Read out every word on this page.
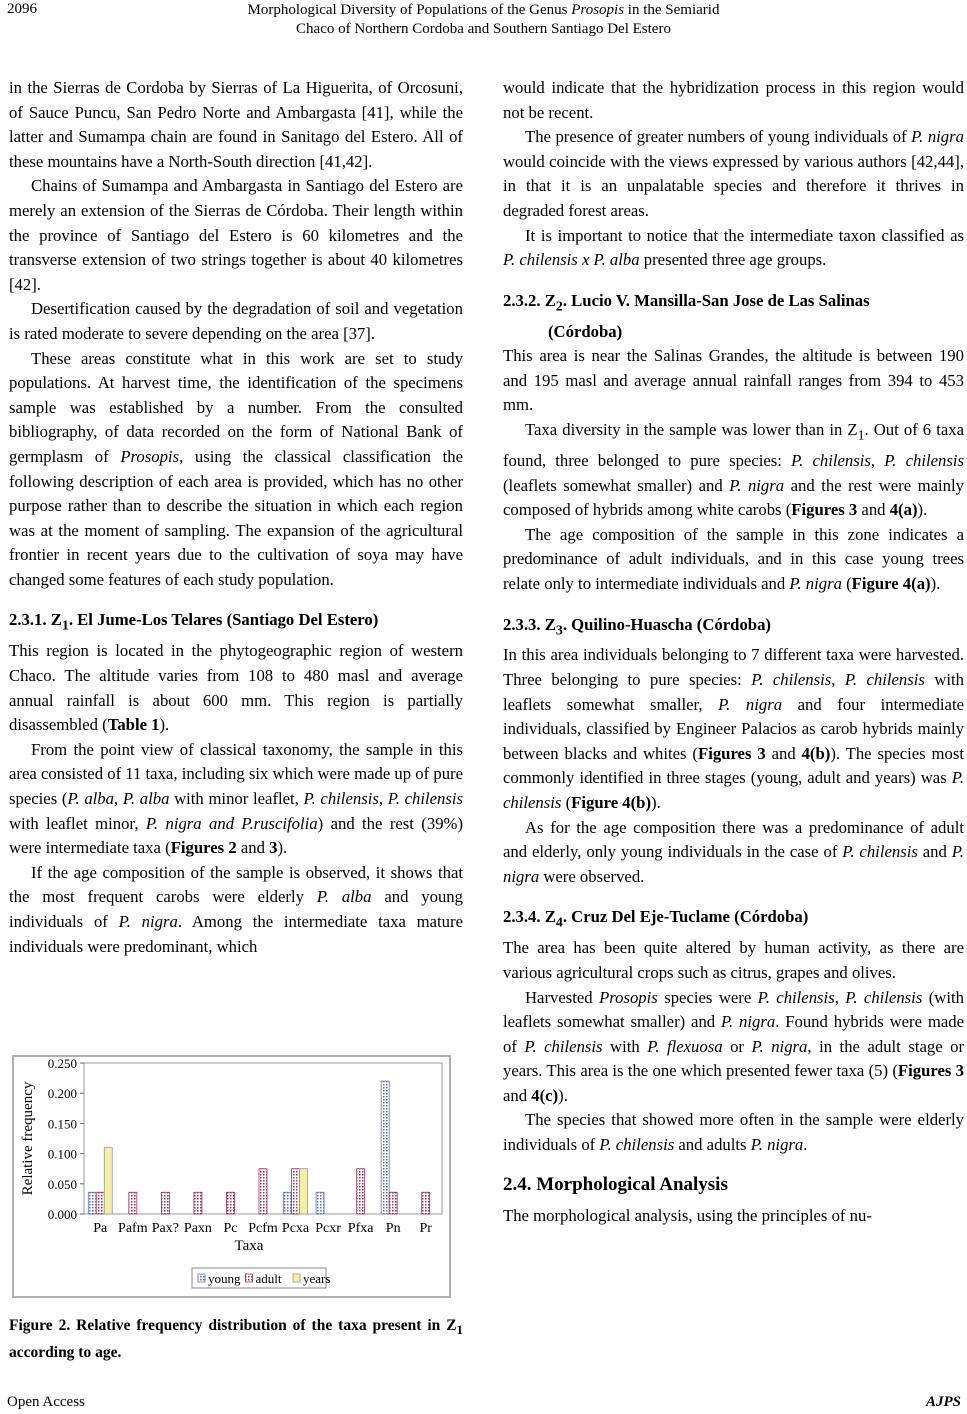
2096	Morphological Diversity of Populations of the Genus Prosopis in the Semiarid
Chaco of Northern Cordoba and Southern Santiago Del Estero

in the Sierras de Cordoba by Sierras of La Higuerita, of Orcosuni, of Sauce Puncu, San Pedro Norte and Ambargasta [41], while the latter and Sumampa chain are found in Sanitago del Estero. All of these mountains have a North-South direction [41,42].

Chains of Sumampa and Ambargasta in Santiago del Estero are merely an extension of the Sierras de Córdoba. Their length within the province of Santiago del Estero is 60 kilometres and the transverse extension of two strings together is about 40 kilometres [42].

Desertification caused by the degradation of soil and vegetation is rated moderate to severe depending on the area [37].

These areas constitute what in this work are set to study populations. At harvest time, the identification of the specimens sample was established by a number. From the consulted bibliography, of data recorded on the form of National Bank of germplasm of Prosopis, using the classical classification the following description of each area is provided, which has no other purpose rather than to describe the situation in which each region was at the moment of sampling. The expansion of the agricultural frontier in recent years due to the cultivation of soya may have changed some features of each study population.

2.3.1. $Z_1$. El Jume-Los Telares (Santiago Del Estero)

This region is located in the phytogeographic region of western Chaco. The altitude varies from 108 to 480 masl and average annual rainfall is about 600 mm. This region is partially disassembled (Table 1).

From the point view of classical taxonomy, the sample in this area consisted of 11 taxa, including six which were made up of pure species (P. alba, P. alba with minor leaflet, P. chilensis, P. chilensis with leaflet minor, P. nigra and P.ruscifolia) and the rest (39%) were intermediate taxa (Figures 2 and 3).

If the age composition of the sample is observed, it shows that the most frequent carobs were elderly P. alba and young individuals of P. nigra. Among the intermediate taxa mature individuals were predominant, which

0.000
0.050
0.100
0.150
0.200
0.250
Relative frequency
Pa Pafm Pax? Paxn Pc Pcfm Pcxa Pcxr Pfxa Pn Pr
Taxa
young adult years
Figure 2. Relative frequency distribution of the taxa present in $Z_1$ according to age.

would indicate that the hybridization process in this region would not be recent.

The presence of greater numbers of young individuals of P. nigra would coincide with the views expressed by various authors [42,44], in that it is an unpalatable species and therefore it thrives in degraded forest areas.

It is important to notice that the intermediate taxon classified as P. chilensis x P. alba presented three age groups.

2.3.2. $Z_2$. Lucio V. Mansilla-San Jose de Las Salinas
(Córdoba)

This area is near the Salinas Grandes, the altitude is between 190 and 195 masl and average annual rainfall ranges from 394 to 453 mm.

Taxa diversity in the sample was lower than in $Z_1$. Out of 6 taxa found, three belonged to pure species: P. chilensis, P. chilensis (leaflets somewhat smaller) and P. nigra and the rest were mainly composed of hybrids among white carobs (Figures 3 and 4(a)).

The age composition of the sample in this zone indicates a predominance of adult individuals, and in this case young trees relate only to intermediate individuals and P. nigra (Figure 4(a)).

2.3.3. $Z_3$. Quilino-Huascha (Córdoba)

In this area individuals belonging to 7 different taxa were harvested. Three belonging to pure species: P. chilensis, P. chilensis with leaflets somewhat smaller, P. nigra and four intermediate individuals, classified by Engineer Palacios as carob hybrids mainly between blacks and whites (Figures 3 and 4(b)). The species most commonly identified in three stages (young, adult and years) was P. chilensis (Figure 4(b)).

As for the age composition there was a predominance of adult and elderly, only young individuals in the case of P. chilensis and P. nigra were observed.

2.3.4. $Z_4$. Cruz Del Eje-Tuclame (Córdoba)

The area has been quite altered by human activity, as there are various agricultural crops such as citrus, grapes and olives.

Harvested Prosopis species were P. chilensis, P. chilensis (with leaflets somewhat smaller) and P. nigra. Found hybrids were made of P. chilensis with P. flexuosa or P. nigra, in the adult stage or years. This area is the one which presented fewer taxa (5) (Figures 3 and 4(c)).

The species that showed more often in the sample were elderly individuals of P. chilensis and adults P. nigra.

2.4. Morphological Analysis

The morphological analysis, using the principles of nu-

Open Access	AJPS
